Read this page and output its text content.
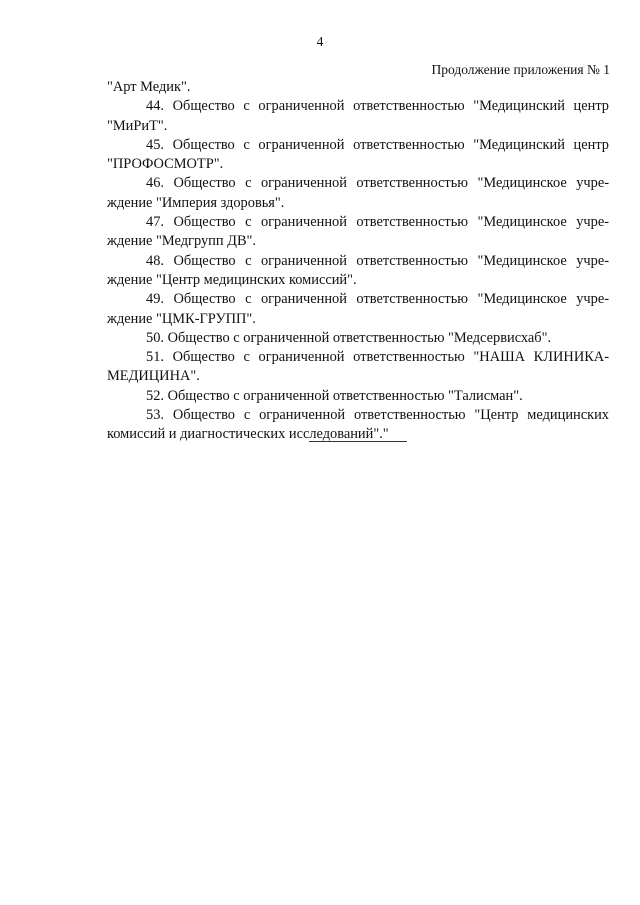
4
Продолжение приложения № 1
"Арт Медик".
44. Общество с ограниченной ответственностью "Медицинский центр
"МиРиТ".
45. Общество с ограниченной ответственностью "Медицинский центр
"ПРОФОСМОТР".
46. Общество с ограниченной ответственностью "Медицинское учре-
ждение "Империя здоровья".
47. Общество с ограниченной ответственностью "Медицинское учре-
ждение "Медгрупп ДВ".
48. Общество с ограниченной ответственностью "Медицинское учре-
ждение "Центр медицинских комиссий".
49. Общество с ограниченной ответственностью "Медицинское учре-
ждение "ЦМК-ГРУПП".
50. Общество с ограниченной ответственностью "Медсервисхаб".
51. Общество с ограниченной ответственностью "НАША КЛИНИКА-
МЕДИЦИНА".
52. Общество с ограниченной ответственностью "Талисман".
53. Общество с ограниченной ответственностью "Центр медицинских
комиссий и диагностических исследований"."
